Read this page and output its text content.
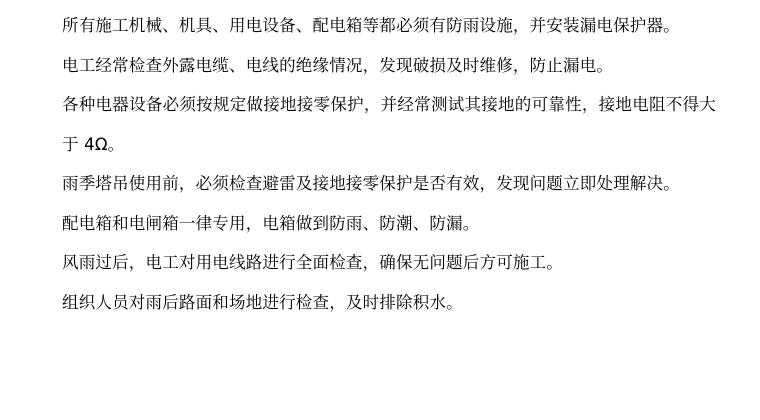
所有施工机械、机具、用电设备、配电箱等都必须有防雨设施，并安装漏电保护器。

电工经常检查外露电缆、电线的绝缘情况，发现破损及时维修，防止漏电。

各种电器设备必须按规定做接地接零保护，并经常测试其接地的可靠性，接地电阻不得大于 4Ω。

雨季塔吊使用前，必须检查避雷及接地接零保护是否有效，发现问题立即处理解决。

配电箱和电闸箱一律专用，电箱做到防雨、防潮、防漏。

风雨过后，电工对用电线路进行全面检查，确保无问题后方可施工。

组织人员对雨后路面和场地进行检查，及时排除积水。
